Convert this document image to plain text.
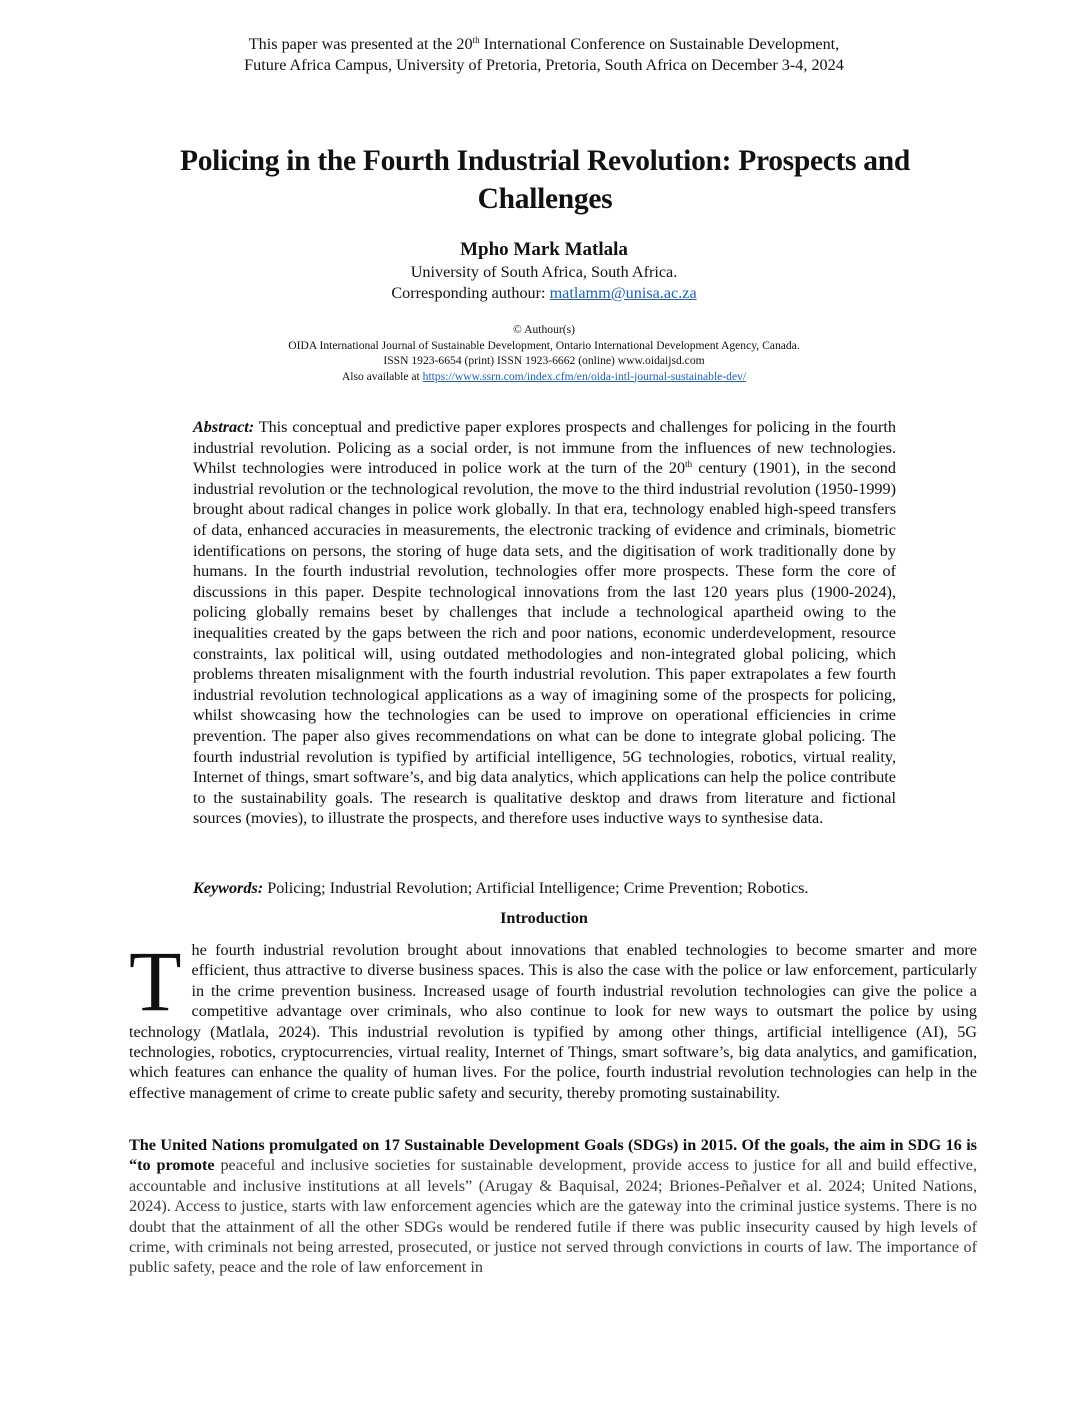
This paper was presented at the 20th International Conference on Sustainable Development,
Future Africa Campus, University of Pretoria, Pretoria, South Africa on December 3-4, 2024
Policing in the Fourth Industrial Revolution: Prospects and Challenges
Mpho Mark Matlala
University of South Africa, South Africa.
Corresponding authour: matlamm@unisa.ac.za
© Authour(s)
OIDA International Journal of Sustainable Development, Ontario International Development Agency, Canada.
ISSN 1923-6654 (print) ISSN 1923-6662 (online) www.oidaijsd.com
Also available at https://www.ssrn.com/index.cfm/en/oida-intl-journal-sustainable-dev/
Abstract: This conceptual and predictive paper explores prospects and challenges for policing in the fourth industrial revolution. Policing as a social order, is not immune from the influences of new technologies. Whilst technologies were introduced in police work at the turn of the 20th century (1901), in the second industrial revolution or the technological revolution, the move to the third industrial revolution (1950-1999) brought about radical changes in police work globally. In that era, technology enabled high-speed transfers of data, enhanced accuracies in measurements, the electronic tracking of evidence and criminals, biometric identifications on persons, the storing of huge data sets, and the digitisation of work traditionally done by humans. In the fourth industrial revolution, technologies offer more prospects. These form the core of discussions in this paper. Despite technological innovations from the last 120 years plus (1900-2024), policing globally remains beset by challenges that include a technological apartheid owing to the inequalities created by the gaps between the rich and poor nations, economic underdevelopment, resource constraints, lax political will, using outdated methodologies and non-integrated global policing, which problems threaten misalignment with the fourth industrial revolution. This paper extrapolates a few fourth industrial revolution technological applications as a way of imagining some of the prospects for policing, whilst showcasing how the technologies can be used to improve on operational efficiencies in crime prevention. The paper also gives recommendations on what can be done to integrate global policing. The fourth industrial revolution is typified by artificial intelligence, 5G technologies, robotics, virtual reality, Internet of things, smart software’s, and big data analytics, which applications can help the police contribute to the sustainability goals. The research is qualitative desktop and draws from literature and fictional sources (movies), to illustrate the prospects, and therefore uses inductive ways to synthesise data.
Keywords: Policing; Industrial Revolution; Artificial Intelligence; Crime Prevention; Robotics.
Introduction
The fourth industrial revolution brought about innovations that enabled technologies to become smarter and more efficient, thus attractive to diverse business spaces. This is also the case with the police or law enforcement, particularly in the crime prevention business. Increased usage of fourth industrial revolution technologies can give the police a competitive advantage over criminals, who also continue to look for new ways to outsmart the police by using technology (Matlala, 2024). This industrial revolution is typified by among other things, artificial intelligence (AI), 5G technologies, robotics, cryptocurrencies, virtual reality, Internet of Things, smart software’s, big data analytics, and gamification, which features can enhance the quality of human lives. For the police, fourth industrial revolution technologies can help in the effective management of crime to create public safety and security, thereby promoting sustainability.
The United Nations promulgated on 17 Sustainable Development Goals (SDGs) in 2015. Of the goals, the aim in SDG 16 is “to promote peaceful and inclusive societies for sustainable development, provide access to justice for all and build effective, accountable and inclusive institutions at all levels” (Arugay & Baquisal, 2024; Briones-Peñalver et al. 2024; United Nations, 2024). Access to justice, starts with law enforcement agencies which are the gateway into the criminal justice systems. There is no doubt that the attainment of all the other SDGs would be rendered futile if there was public insecurity caused by high levels of crime, with criminals not being arrested, prosecuted, or justice not served through convictions in courts of law. The importance of public safety, peace and the role of law enforcement in
